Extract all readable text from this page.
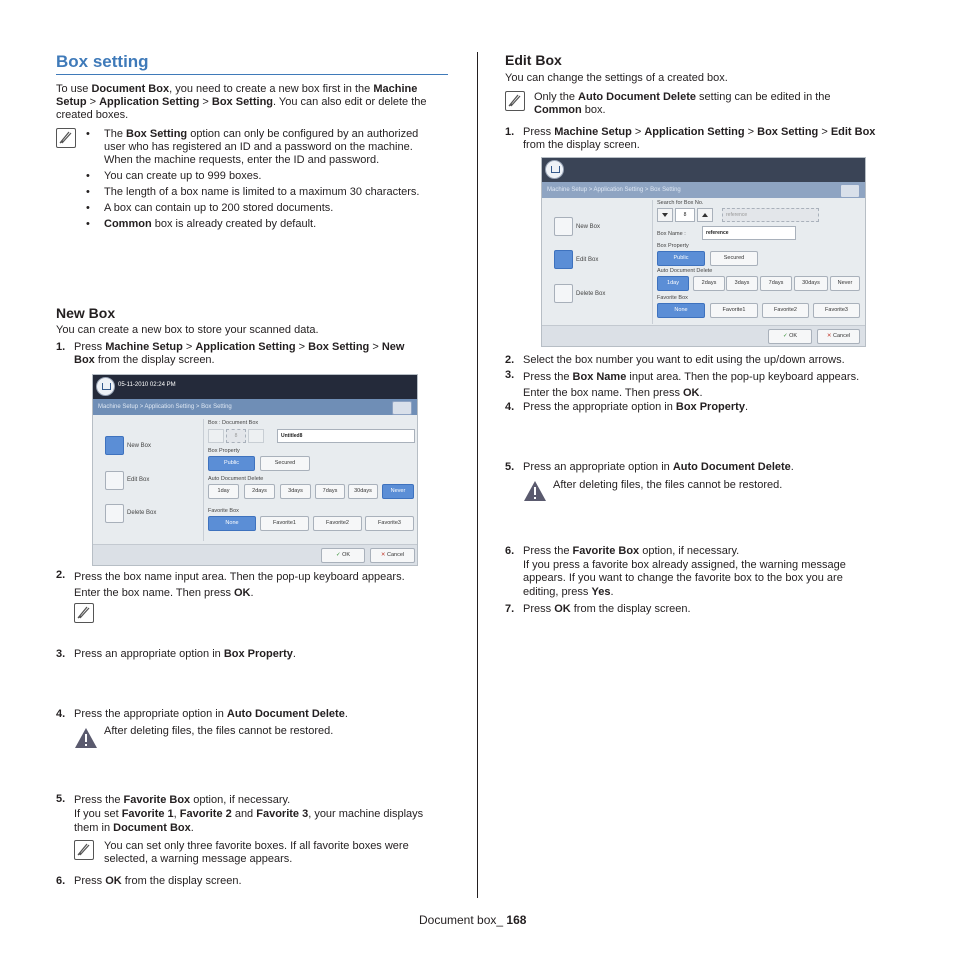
Box setting
To use Document Box, you need to create a new box first in the Machine
Setup > Application Setting > Box Setting. You can also edit or delete the
created boxes.
• The Box Setting option can only be configured by an authorized
user who has registered an ID and a password on the machine.
When the machine requests, enter the ID and password.
• You can create up to 999 boxes.
• The length of a box name is limited to a maximum 30 characters.
• A box can contain up to 200 stored documents.
• Common box is already created by default.
New Box
You can create a new box to store your scanned data.
1. Press Machine Setup > Application Setting > Box Setting > New
Box from the display screen.
05-11-2010 02:24 PM
Machine Setup > Application Setting > Box Setting
New Box
Edit Box
Delete Box
Box : Document Box
8	Untitled8
Box Property
Public	Secured
Auto Document Delete
1day	2days	3days	7days	30days	Never
Favorite Box
None	Favorite1	Favorite2	Favorite3
✓ OK	✕ Cancel
2. Press the box name input area. Then the pop-up keyboard appears.
Enter the box name. Then press OK.
3. Press an appropriate option in Box Property.
4. Press the appropriate option in Auto Document Delete.
After deleting files, the files cannot be restored.
5. Press the Favorite Box option, if necessary.
If you set Favorite 1, Favorite 2 and Favorite 3, your machine displays
them in Document Box.
You can set only three favorite boxes. If all favorite boxes were
selected, a warning message appears.
6. Press OK from the display screen.
Edit Box
You can change the settings of a created box.
Only the Auto Document Delete setting can be edited in the
Common box.
1. Press Machine Setup > Application Setting > Box Setting > Edit Box
from the display screen.
Machine Setup > Application Setting > Box Setting
New Box
Edit Box
Delete Box
Search for Box No.
8	reference
Box Name :	reference
Box Property
Public	Secured
Auto Document Delete
1day	2days	3days	7days	30days	Never
Favorite Box
None	Favorite1	Favorite2	Favorite3
✓ OK	✕ Cancel
2. Select the box number you want to edit using the up/down arrows.
3. Press the Box Name input area. Then the pop-up keyboard appears.
Enter the box name. Then press OK.
4. Press the appropriate option in Box Property.
5. Press an appropriate option in Auto Document Delete.
After deleting files, the files cannot be restored.
6. Press the Favorite Box option, if necessary.
If you press a favorite box already assigned, the warning message
appears. If you want to change the favorite box to the box you are
editing, press Yes.
7. Press OK from the display screen.
Document box_ 168
